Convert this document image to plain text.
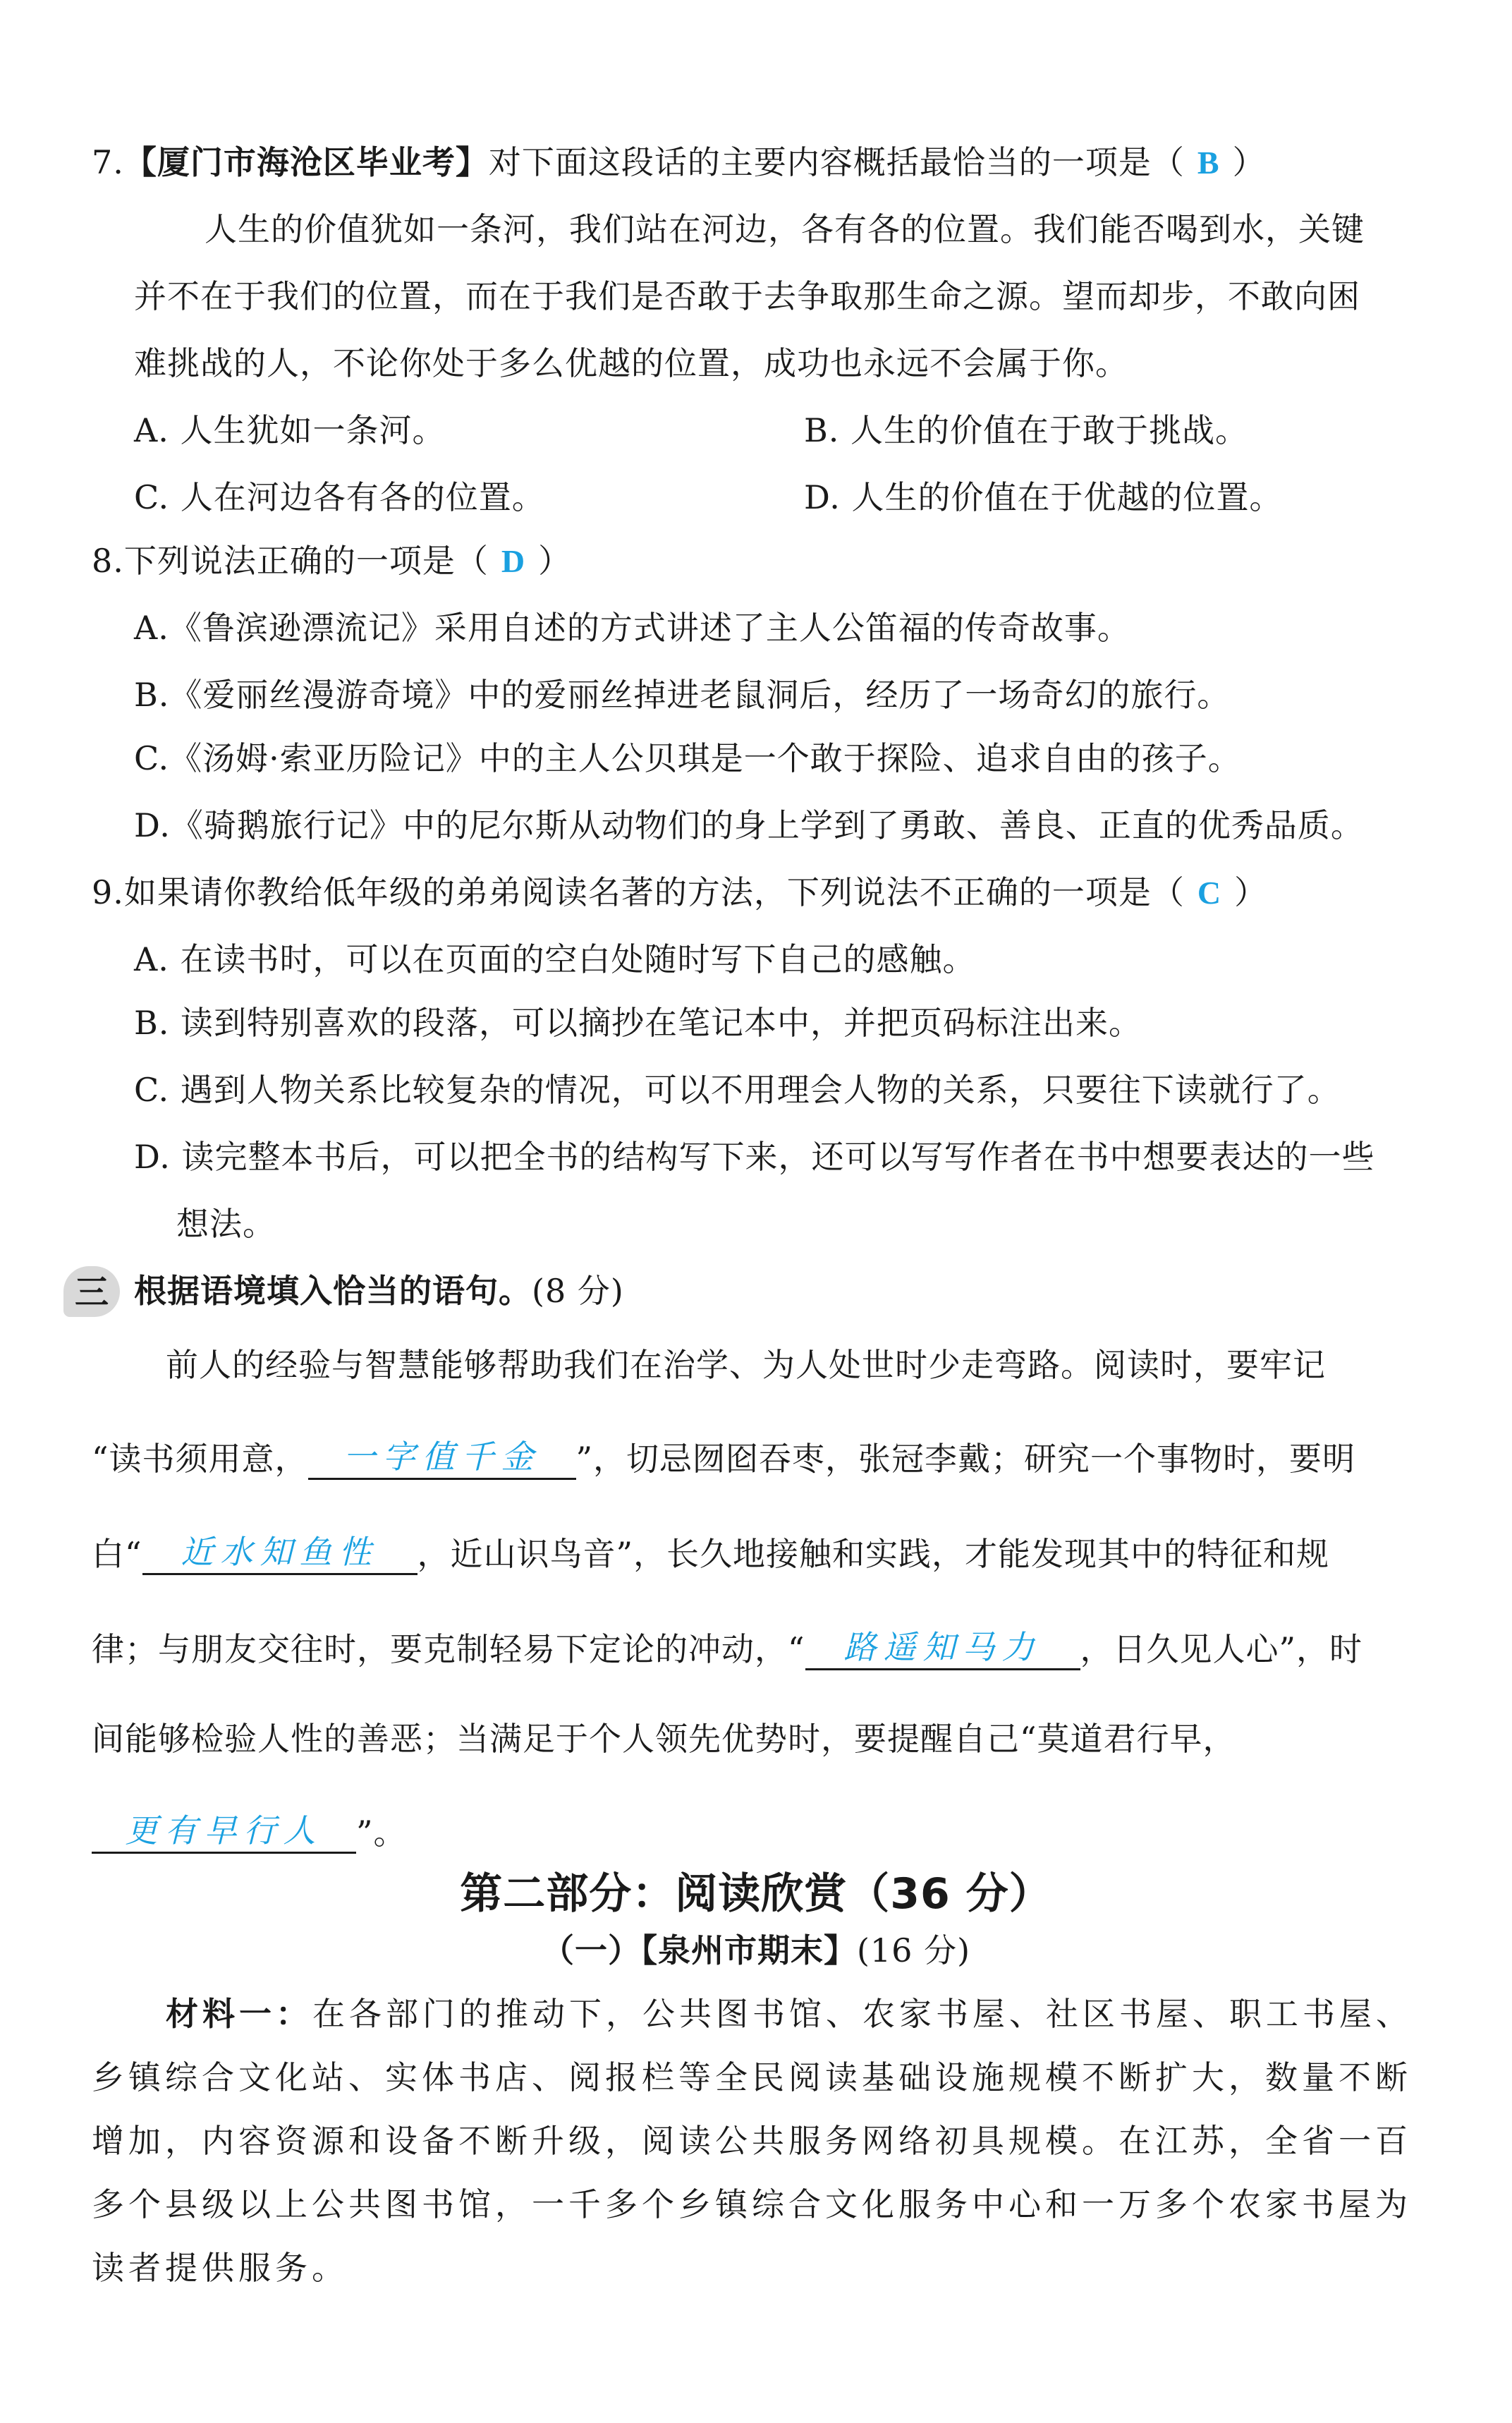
7.【厦门市海沧区毕业考】对下面这段话的主要内容概括最恰当的一项是（ B ）
人生的价值犹如一条河，我们站在河边，各有各的位置。我们能否喝到水，关键
并不在于我们的位置，而在于我们是否敢于去争取那生命之源。望而却步，不敢向困
难挑战的人，不论你处于多么优越的位置，成功也永远不会属于你。
A. 人生犹如一条河。	B. 人生的价值在于敢于挑战。
C. 人在河边各有各的位置。	D. 人生的价值在于优越的位置。
8.下列说法正确的一项是（ D ）
A.《鲁滨逊漂流记》采用自述的方式讲述了主人公笛福的传奇故事。
B.《爱丽丝漫游奇境》中的爱丽丝掉进老鼠洞后，经历了一场奇幻的旅行。
C.《汤姆·索亚历险记》中的主人公贝琪是一个敢于探险、追求自由的孩子。
D.《骑鹅旅行记》中的尼尔斯从动物们的身上学到了勇敢、善良、正直的优秀品质。
9.如果请你教给低年级的弟弟阅读名著的方法，下列说法不正确的一项是（ C ）
A. 在读书时，可以在页面的空白处随时写下自己的感触。
B. 读到特别喜欢的段落，可以摘抄在笔记本中，并把页码标注出来。
C. 遇到人物关系比较复杂的情况，可以不用理会人物的关系，只要往下读就行了。
D. 读完整本书后，可以把全书的结构写下来，还可以写写作者在书中想要表达的一些
想法。
三 根据语境填入恰当的语句。(8 分)
前人的经验与智慧能够帮助我们在治学、为人处世时少走弯路。阅读时，要牢记
“读书须用意， 一字值千金 ”，切忌囫囵吞枣，张冠李戴；研究一个事物时，要明
白“ 近水知鱼性 ，近山识鸟音”，长久地接触和实践，才能发现其中的特征和规
律；与朋友交往时，要克制轻易下定论的冲动，“ 路遥知马力 ，日久见人心”，时
间能够检验人性的善恶；当满足于个人领先优势时，要提醒自己“莫道君行早，
更有早行人 ”。
第二部分：阅读欣赏（36 分）
（一）【泉州市期末】(16 分)
材料一：在各部门的推动下，公共图书馆、农家书屋、社区书屋、职工书屋、
乡镇综合文化站、实体书店、阅报栏等全民阅读基础设施规模不断扩大，数量不断
增加，内容资源和设备不断升级，阅读公共服务网络初具规模。在江苏，全省一百
多个县级以上公共图书馆，一千多个乡镇综合文化服务中心和一万多个农家书屋为
读者提供服务。
